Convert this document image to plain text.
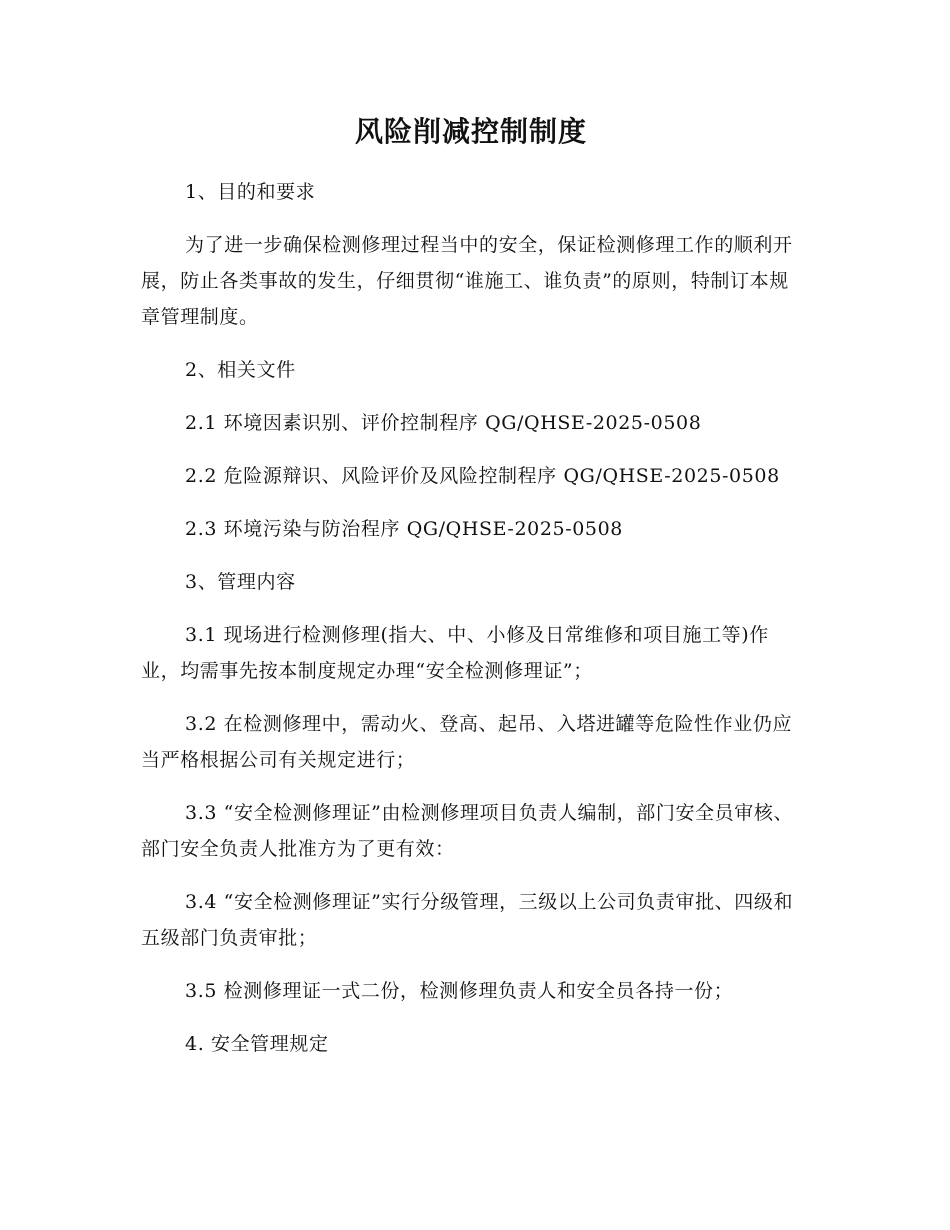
风险削减控制制度

1、目的和要求

为了进一步确保检测修理过程当中的安全，保证检测修理工作的顺利开展，防止各类事故的发生，仔细贯彻“谁施工、谁负责”的原则，特制订本规章管理制度。

2、相关文件

2.1 环境因素识别、评价控制程序 QG/QHSE-2025-0508

2.2 危险源辩识、风险评价及风险控制程序 QG/QHSE-2025-0508

2.3 环境污染与防治程序 QG/QHSE-2025-0508

3、管理内容

3.1 现场进行检测修理(指大、中、小修及日常维修和项目施工等)作业，均需事先按本制度规定办理“安全检测修理证”；

3.2 在检测修理中，需动火、登高、起吊、入塔进罐等危险性作业仍应当严格根据公司有关规定进行；

3.3 “安全检测修理证”由检测修理项目负责人编制，部门安全员审核、部门安全负责人批准方为了更有效：

3.4 “安全检测修理证”实行分级管理，三级以上公司负责审批、四级和五级部门负责审批；

3.5 检测修理证一式二份，检测修理负责人和安全员各持一份；

4. 安全管理规定
